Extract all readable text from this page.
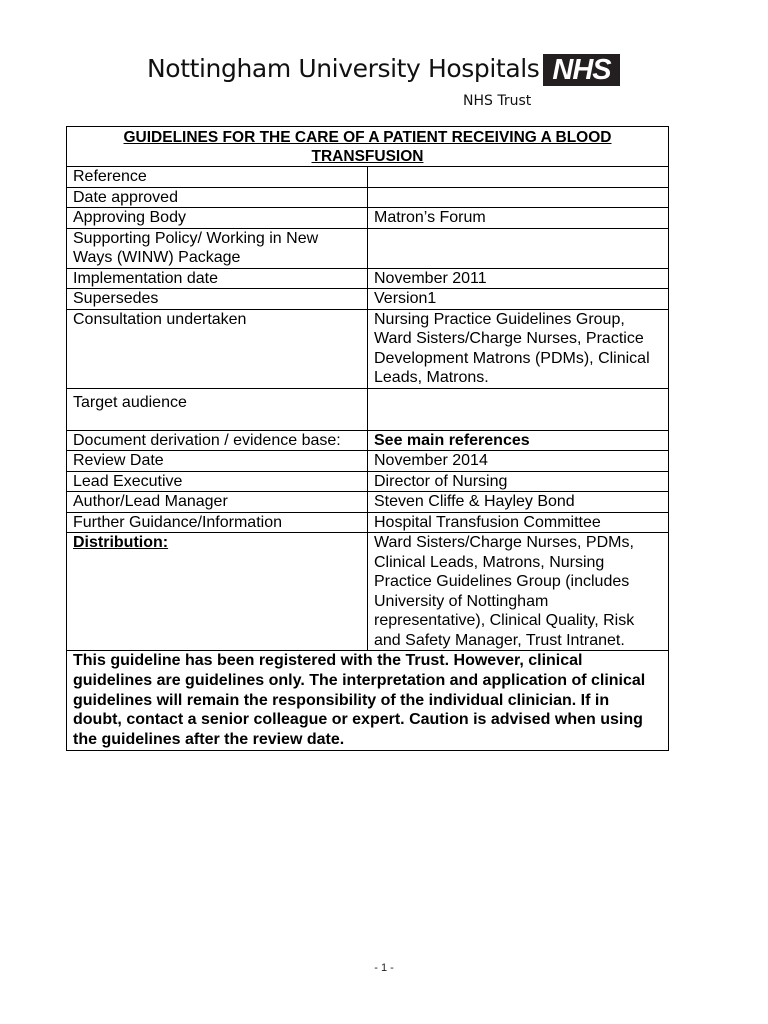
Nottingham University Hospitals NHS
NHS Trust
GUIDELINES FOR THE CARE OF A PATIENT RECEIVING A BLOOD TRANSFUSION	
Reference	
Date approved	
Approving Body	Matron’s Forum
Supporting Policy/ Working in New Ways (WINW) Package	
Implementation date	November 2011
Supersedes	Version1
Consultation undertaken	Nursing Practice Guidelines Group, Ward Sisters/Charge Nurses, Practice Development Matrons (PDMs), Clinical Leads, Matrons.
Target audience	
Document derivation / evidence base:	See main references
Review Date	November 2014
Lead Executive	Director of Nursing
Author/Lead Manager	Steven Cliffe & Hayley Bond
Further Guidance/Information	Hospital Transfusion Committee
Distribution:	Ward Sisters/Charge Nurses, PDMs, Clinical Leads, Matrons, Nursing Practice Guidelines Group (includes University of Nottingham representative), Clinical Quality, Risk and Safety Manager, Trust Intranet.
This guideline has been registered with the Trust. However, clinical guidelines are guidelines only. The interpretation and application of clinical guidelines will remain the responsibility of the individual clinician. If in doubt, contact a senior colleague or expert. Caution is advised when using the guidelines after the review date.	
- 1 -
